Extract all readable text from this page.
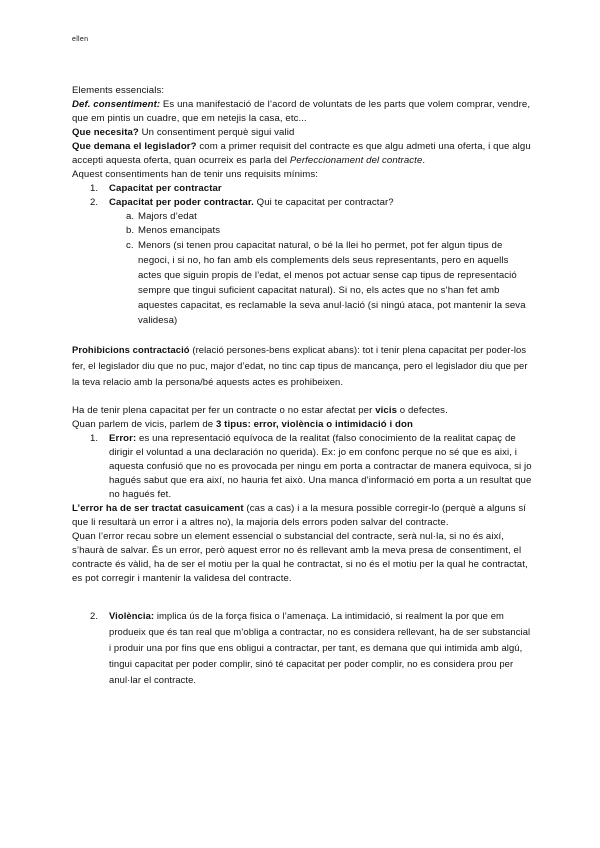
ellen

Elements essencials:

Def. consentiment: Es una manifestació de l’acord de voluntats de les parts que volem comprar, vendre, que em pintis un cuadre, que em netejis la casa, etc...

Que necesita? Un consentiment perquè sigui valid

Que demana el legislador? com a primer requisit del contracte es que algu admeti una oferta, i que algu accepti aquesta oferta, quan ocurreix es parla del Perfeccionament del contracte.

Aquest consentiments han de tenir uns requisits mínims:

1. Capacitat per contractar
2. Capacitat per poder contractar. Qui te capacitat per contractar?
a. Majors d’edat
b. Menos emancipats
c. Menors (si tenen prou capacitat natural, o bé la llei ho permet, pot fer algun tipus de negoci, i si no, ho fan amb els complements dels seus representants, pero en aquells actes que siguin propis de l’edat, el menos pot actuar sense cap tipus de representació sempre que tingui suficient capacitat natural). Si no, els actes que no s’han fet amb aquestes capacitat, es reclamable la seva anul·lació (si ningú ataca, pot mantenir la seva validesa)

Prohibicions contractació (relació persones-bens explicat abans): tot i tenir plena capacitat per poder-los fer, el legislador diu que no puc, major d’edat, no tinc cap tipus de mancança, pero el legislador diu que per la teva relacio amb la persona/bé aquests actes es prohibeixen.

Ha de tenir plena capacitat per fer un contracte o no estar afectat per vicis o defectes.

Quan parlem de vicis, parlem de 3 tipus: error, violència o intimidació i don

1. Error: es una representació equívoca de la realitat (falso conocimiento de la realitat capaç de dirigir el voluntad a una declaración no querida). Ex: jo em confonc perque no sé que es aixi, i aquesta confusió que no es provocada per ningu em porta a contractar de manera equivoca, si jo hagués sabut que era així, no hauria fet això. Una manca d’informació em porta a un resultat que no hagués fet.

L’error ha de ser tractat casuicament (cas a cas) i a la mesura possible corregir-lo (perquè a alguns sí que li resultarà un error i a altres no), la majoria dels errors poden salvar del contracte.

Quan l’error recau sobre un element essencial o substancial del contracte, serà nul·la, si no és així, s’haurà de salvar. És un error, però aquest error no és rellevant amb la meva presa de consentiment, el contracte és vàlid, ha de ser el motiu per la qual he contractat, si no és el motiu per la qual he contractat, es pot corregir i mantenir la validesa del contracte.

2. Violència: implica ús de la força fisica o l’amenaça. La intimidació, si realment la por que em produeix que és tan real que m’obliga a contractar, no es considera rellevant, ha de ser substancial i produir una por fins que ens obligui a contractar, per tant, es demana que qui intimida amb algú, tingui capacitat per poder complir, sinó té capacitat per poder complir, no es considera prou per anul·lar el contracte.
